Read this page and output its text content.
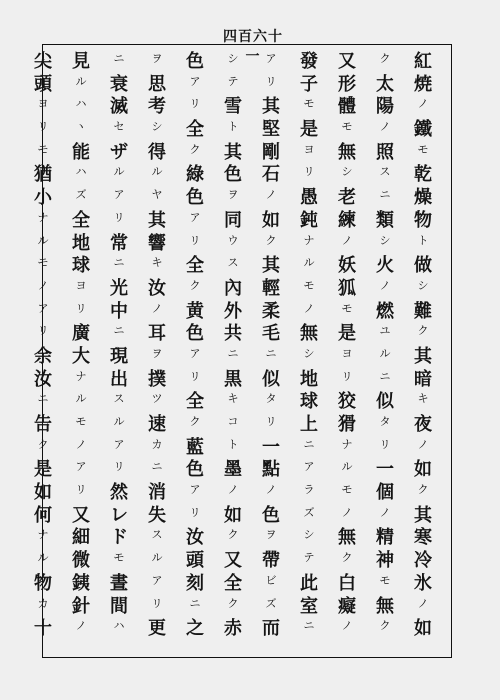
四百六十一	紅
焼
ノ
鐵
モ
乾
燥
物
ト
做
シ
難
ク
其
暗
キ
夜
ノ
如
ク
其
寒
冷
氷
ノ
如
ク
太
陽
ノ
照
ス
ニ
類
シ
火
ノ
燃
ユ
ル
ニ
似
タ
リ
一
個
ノ
精
神
モ
無
ク
又
形
體
モ
無
シ
老
練
ノ
妖
狐
モ
是
ヨ
リ
狡
猾
ナ
ル
モ
ノ
無
ク
白
癡
ノ
發
子
モ
是
ヨ
リ
愚
鈍
ナ
ル
モ
ノ
無
シ
地
球
上
ニ
ア
ラ
ズ
シ
テ
此
室
ニ
ア
リ
其
堅
剛
石
ノ
如
ク
其
輕
柔
毛
ニ
似
タ
リ
一
點
ノ
色
ヲ
帶
ビ
ズ
而
シ
テ
雪
ト
其
色
ヲ
同
ウ
ス
內
外
共
ニ
黒
キ
コ
ト
墨
ノ
如
ク
又
全
ク
赤
色
ア
リ
全
ク
綠
色
ア
リ
全
ク
黄
色
ア
リ
全
ク
藍
色
ア
リ
汝
頭
刻
ニ
之
ヲ
思
考
シ
得
ル
ヤ
其
響
キ
汝
ノ
耳
ヲ
撲
ツ
速
カ
ニ
消
失
ス
ル
ア
リ
更
ニ
衰
滅
セ
ザ
ル
ア
リ
常
ニ
光
中
ニ
現
出
ス
ル
ア
リ
然
レ
ド
モ
晝
間
ハ
見
ル
ハ
ヽ
能
ハ
ズ
全
地
球
ヨ
リ
廣
大
ナ
ル
モ
ノ
ア
リ
又
細
微
銕
針
ノ
尖
頭
ヨ
リ
モ
猶
小
ナ
ル
モ
ノ
ア
リ
余
汝
ニ
告
ク
是
如
何
ナ
ル
物
カ
十
